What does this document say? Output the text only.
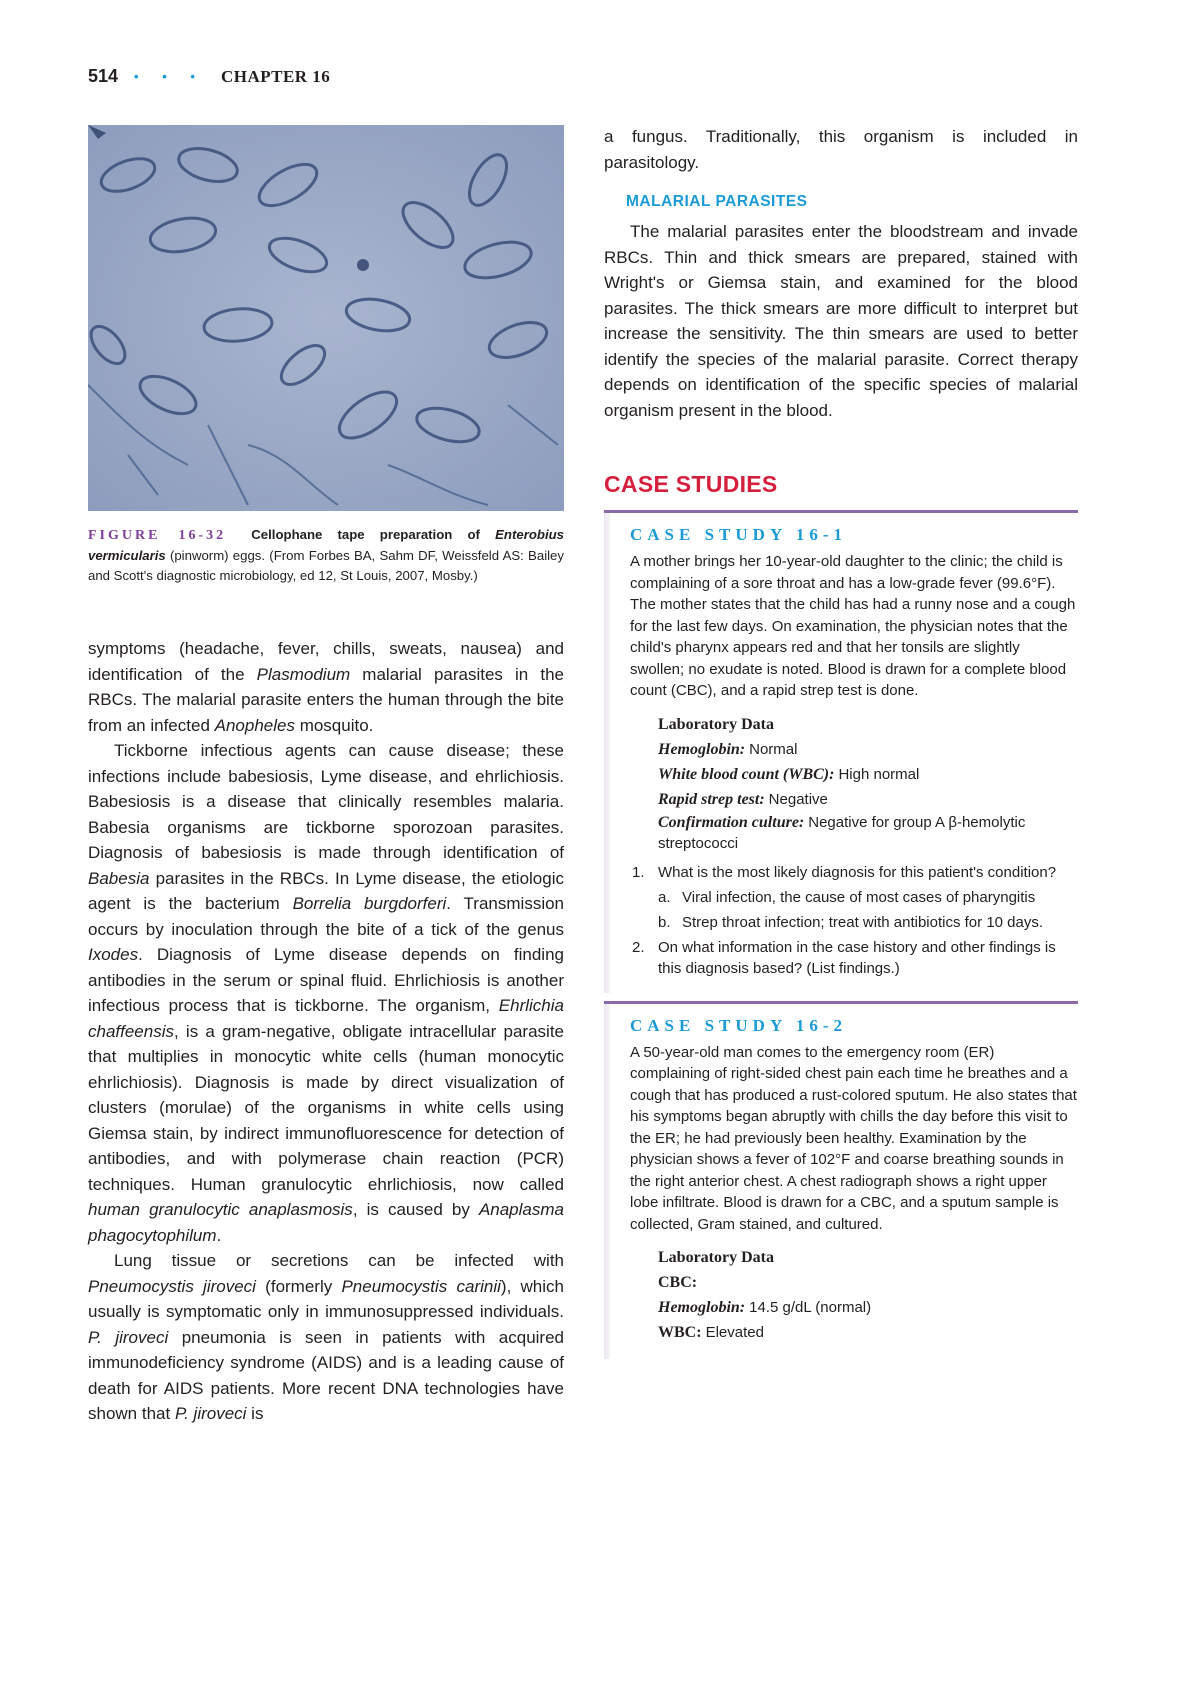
514 • • • CHAPTER 16
FIGURE 16-32 Cellophane tape preparation of Enterobius vermicularis (pinworm) eggs. (From Forbes BA, Sahm DF, Weissfeld AS: Bailey and Scott's diagnostic microbiology, ed 12, St Louis, 2007, Mosby.)

symptoms (headache, fever, chills, sweats, nausea) and identification of the Plasmodium malarial parasites in the RBCs. The malarial parasite enters the human through the bite from an infected Anopheles mosquito.

Tickborne infectious agents can cause disease; these infections include babesiosis, Lyme disease, and ehrlichiosis. Babesiosis is a disease that clinically resembles malaria. Babesia organisms are tickborne sporozoan parasites. Diagnosis of babesiosis is made through identification of Babesia parasites in the RBCs. In Lyme disease, the etiologic agent is the bacterium Borrelia burgdorferi. Transmission occurs by inoculation through the bite of a tick of the genus Ixodes. Diagnosis of Lyme disease depends on finding antibodies in the serum or spinal fluid. Ehrlichiosis is another infectious process that is tickborne. The organism, Ehrlichia chaffeensis, is a gram-negative, obligate intracellular parasite that multiplies in monocytic white cells (human monocytic ehrlichiosis). Diagnosis is made by direct visualization of clusters (morulae) of the organisms in white cells using Giemsa stain, by indirect immunofluorescence for detection of antibodies, and with polymerase chain reaction (PCR) techniques. Human granulocytic ehrlichiosis, now called human granulocytic anaplasmosis, is caused by Anaplasma phagocytophilum.

Lung tissue or secretions can be infected with Pneumocystis jiroveci (formerly Pneumocystis carinii), which usually is symptomatic only in immunosuppressed individuals. P. jiroveci pneumonia is seen in patients with acquired immunodeficiency syndrome (AIDS) and is a leading cause of death for AIDS patients. More recent DNA technologies have shown that P. jiroveci is

a fungus. Traditionally, this organism is included in parasitology.

MALARIAL PARASITES

The malarial parasites enter the bloodstream and invade RBCs. Thin and thick smears are prepared, stained with Wright's or Giemsa stain, and examined for the blood parasites. The thick smears are more difficult to interpret but increase the sensitivity. The thin smears are used to better identify the species of the malarial parasite. Correct therapy depends on identification of the specific species of malarial organism present in the blood.

CASE STUDIES
CASE STUDY 16-1

A mother brings her 10-year-old daughter to the clinic; the child is complaining of a sore throat and has a low-grade fever (99.6°F). The mother states that the child has had a runny nose and a cough for the last few days. On examination, the physician notes that the child's pharynx appears red and that her tonsils are slightly swollen; no exudate is noted. Blood is drawn for a complete blood count (CBC), and a rapid strep test is done.

Laboratory Data
Hemoglobin: Normal
White blood count (WBC): High normal
Rapid strep test: Negative
Confirmation culture: Negative for group A β-hemolytic streptococci
1. What is the most likely diagnosis for this patient's condition?
a. Viral infection, the cause of most cases of pharyngitis
b. Strep throat infection; treat with antibiotics for 10 days.
2. On what information in the case history and other findings is this diagnosis based? (List findings.)
CASE STUDY 16-2

A 50-year-old man comes to the emergency room (ER) complaining of right-sided chest pain each time he breathes and a cough that has produced a rust-colored sputum. He also states that his symptoms began abruptly with chills the day before this visit to the ER; he had previously been healthy. Examination by the physician shows a fever of 102°F and coarse breathing sounds in the right anterior chest. A chest radiograph shows a right upper lobe infiltrate. Blood is drawn for a CBC, and a sputum sample is collected, Gram stained, and cultured.

Laboratory Data
CBC:
Hemoglobin: 14.5 g/dL (normal)
WBC: Elevated
